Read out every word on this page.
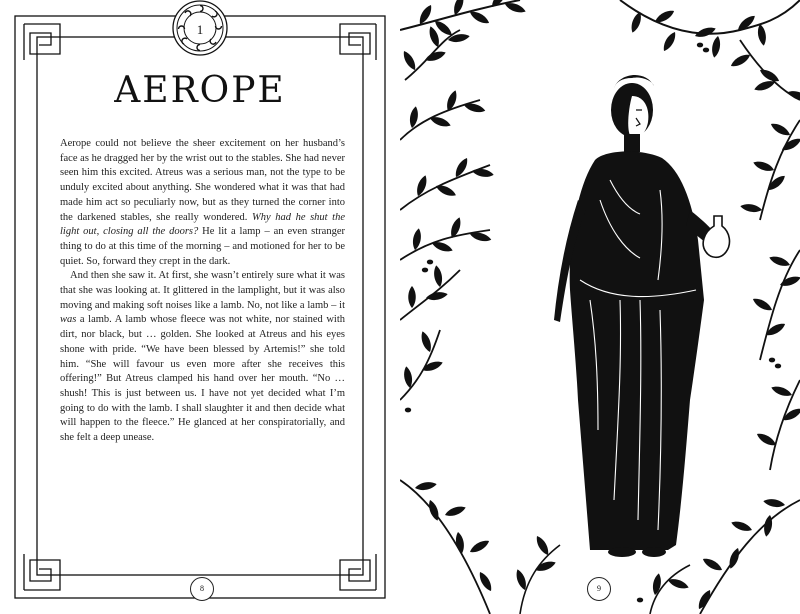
1
AEROPE

Aerope could not believe the sheer excitement on her husband’s face as he dragged her by the wrist out to the stables. She had never seen him this excited. Atreus was a serious man, not the type to be unduly excited about anything. She wondered what it was that had made him act so peculiarly now, but as they turned the corner into the darkened stables, she really wondered. Why had he shut the light out, closing all the doors? He lit a lamp – an even stranger thing to do at this time of the morning – and motioned for her to be quiet. So, forward they crept in the dark.

And then she saw it. At first, she wasn’t entirely sure what it was that she was looking at. It glittered in the lamplight, but it was also moving and making soft noises like a lamb. No, not like a lamb – it was a lamb. A lamb whose fleece was not white, nor stained with dirt, nor black, but … golden. She looked at Atreus and his eyes shone with pride. “We have been blessed by Artemis!” she told him. “She will favour us even more after she receives this offering!” But Atreus clamped his hand over her mouth. “No … shush! This is just between us. I have not yet decided what I’m going to do with the lamb. I shall slaughter it and then decide what will happen to the fleece.” He glanced at her conspiratorially, and she felt a deep unease.

8	9
